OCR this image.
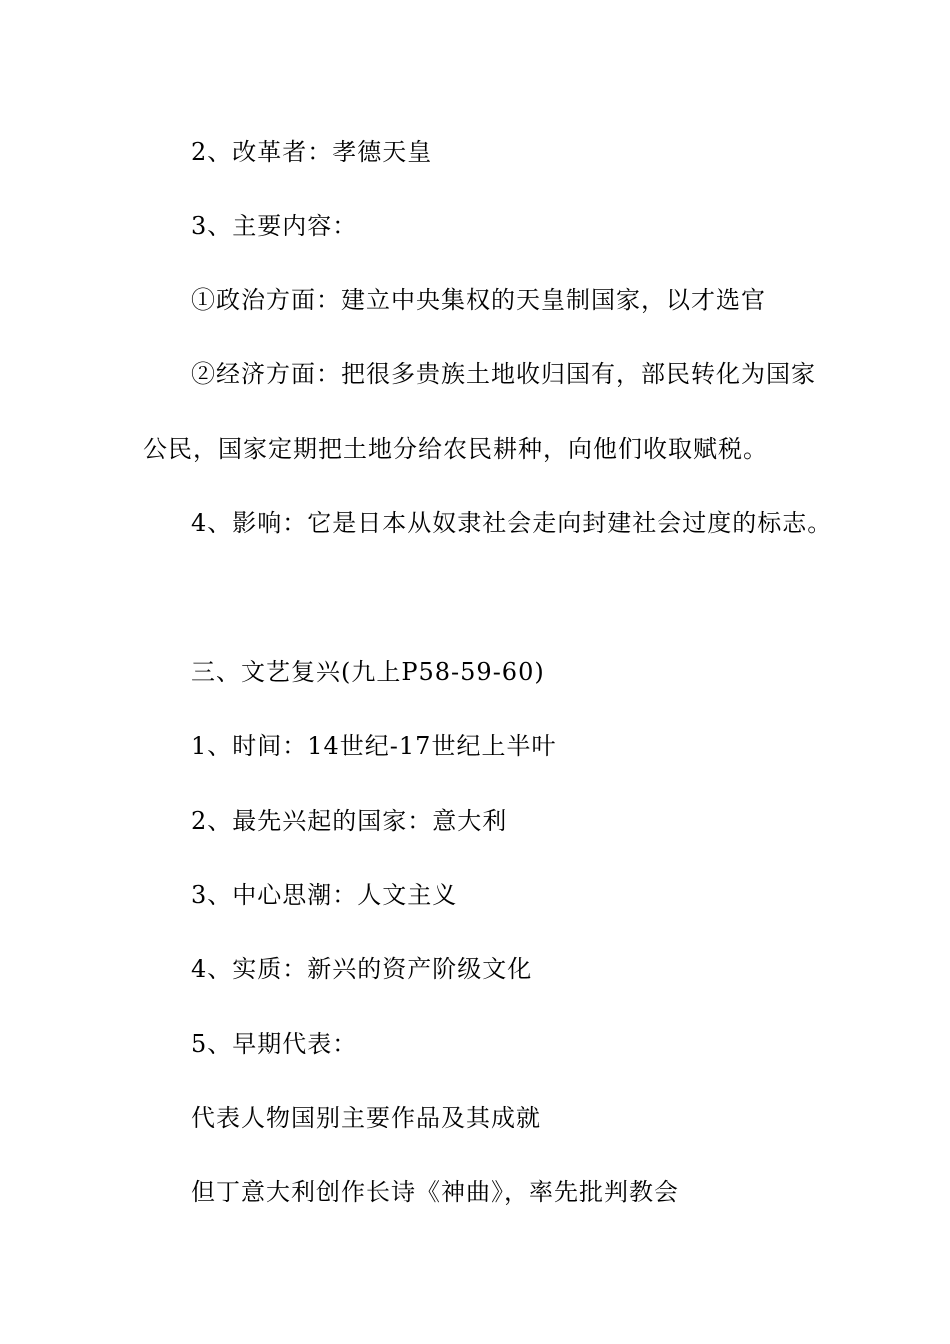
2、改革者：孝德天皇
3、主要内容：
①政治方面：建立中央集权的天皇制国家，以才选官
②经济方面：把很多贵族土地收归国有，部民转化为国家
公民，国家定期把土地分给农民耕种，向他们收取赋税。
4、影响：它是日本从奴隶社会走向封建社会过度的标志。
三、文艺复兴(九上P58-59-60)
1、时间：14世纪-17世纪上半叶
2、最先兴起的国家：意大利
3、中心思潮：人文主义
4、实质：新兴的资产阶级文化
5、早期代表：
代表人物国别主要作品及其成就
但丁意大利创作长诗《神曲》，率先批判教会
